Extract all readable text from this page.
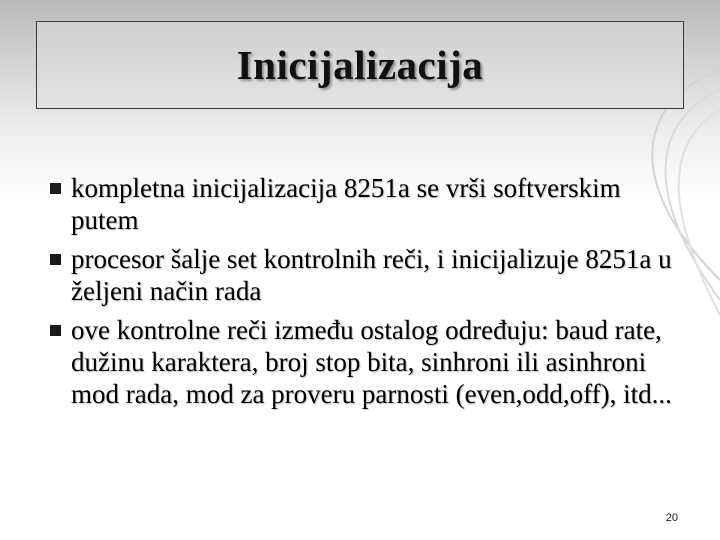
Inicijalizacija
kompletna inicijalizacija 8251a se vrši softverskim putem
procesor šalje set kontrolnih reči, i inicijalizuje 8251a u željeni način rada
ove kontrolne reči između ostalog određuju: baud rate, dužinu karaktera, broj stop bita, sinhroni ili asinhroni mod rada, mod za proveru parnosti (even,odd,off), itd...
20
